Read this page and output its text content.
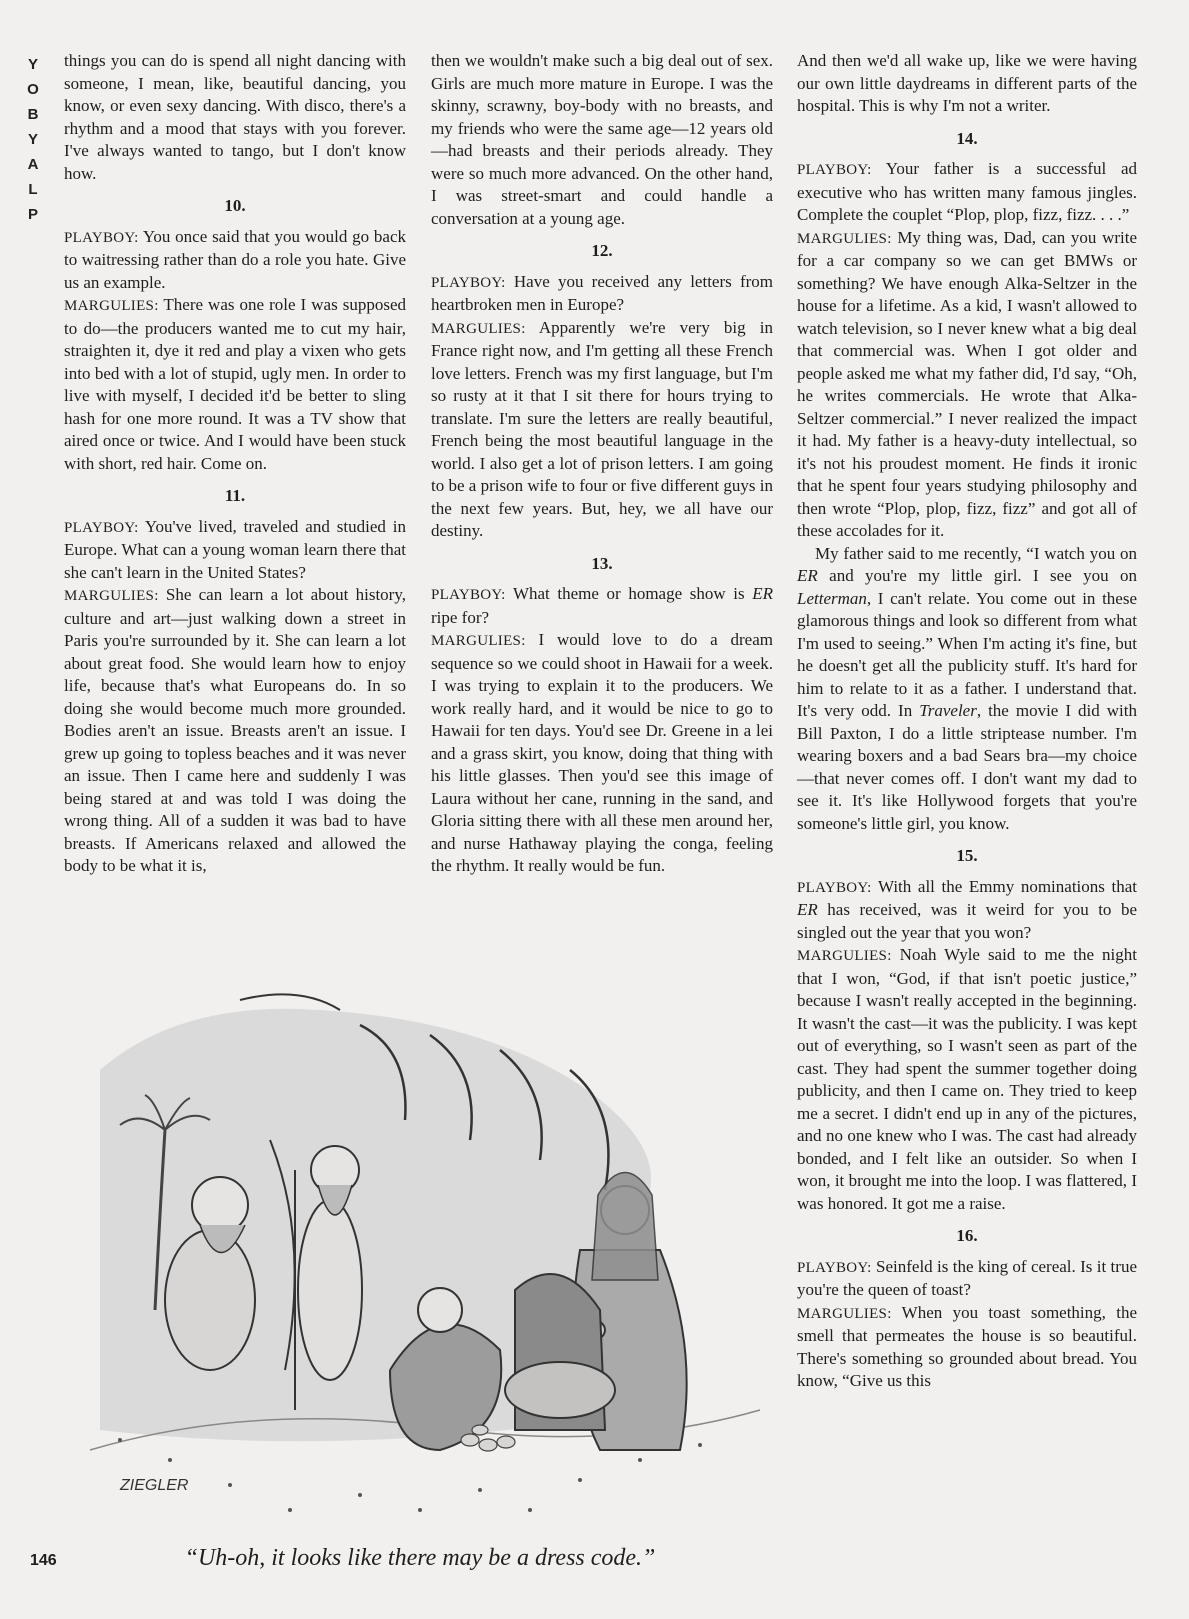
Y
O
B
Y
A
L
P

things you can do is spend all night dancing with someone, I mean, like, beautiful dancing, you know, or even sexy dancing. With disco, there's a rhythm and a mood that stays with you forever. I've always wanted to tango, but I don't know how.

10.

PLAYBOY: You once said that you would go back to waitressing rather than do a role you hate. Give us an example.

MARGULIES: There was one role I was supposed to do—the producers wanted me to cut my hair, straighten it, dye it red and play a vixen who gets into bed with a lot of stupid, ugly men. In order to live with myself, I decided it'd be better to sling hash for one more round. It was a TV show that aired once or twice. And I would have been stuck with short, red hair. Come on.

11.

PLAYBOY: You've lived, traveled and studied in Europe. What can a young woman learn there that she can't learn in the United States?

MARGULIES: She can learn a lot about history, culture and art—just walking down a street in Paris you're surrounded by it. She can learn a lot about great food. She would learn how to enjoy life, because that's what Europeans do. In so doing she would become much more grounded. Bodies aren't an issue. Breasts aren't an issue. I grew up going to topless beaches and it was never an issue. Then I came here and suddenly I was being stared at and was told I was doing the wrong thing. All of a sudden it was bad to have breasts. If Americans relaxed and allowed the body to be what it is,

then we wouldn't make such a big deal out of sex. Girls are much more mature in Europe. I was the skinny, scrawny, boy-body with no breasts, and my friends who were the same age—12 years old—had breasts and their periods already. They were so much more advanced. On the other hand, I was street-smart and could handle a conversation at a young age.

12.

PLAYBOY: Have you received any letters from heartbroken men in Europe?

MARGULIES: Apparently we're very big in France right now, and I'm getting all these French love letters. French was my first language, but I'm so rusty at it that I sit there for hours trying to translate. I'm sure the letters are really beautiful, French being the most beautiful language in the world. I also get a lot of prison letters. I am going to be a prison wife to four or five different guys in the next few years. But, hey, we all have our destiny.

13.

PLAYBOY: What theme or homage show is ER ripe for?

MARGULIES: I would love to do a dream sequence so we could shoot in Hawaii for a week. I was trying to explain it to the producers. We work really hard, and it would be nice to go to Hawaii for ten days. You'd see Dr. Greene in a lei and a grass skirt, you know, doing that thing with his little glasses. Then you'd see this image of Laura without her cane, running in the sand, and Gloria sitting there with all these men around her, and nurse Hathaway playing the conga, feeling the rhythm. It really would be fun.

And then we'd all wake up, like we were having our own little daydreams in different parts of the hospital. This is why I'm not a writer.

14.

PLAYBOY: Your father is a successful ad executive who has written many famous jingles. Complete the couplet “Plop, plop, fizz, fizz. . . .”

MARGULIES: My thing was, Dad, can you write for a car company so we can get BMWs or something? We have enough Alka-Seltzer in the house for a lifetime. As a kid, I wasn't allowed to watch television, so I never knew what a big deal that commercial was. When I got older and people asked me what my father did, I'd say, “Oh, he writes commercials. He wrote that Alka-Seltzer commercial.” I never realized the impact it had. My father is a heavy-duty intellectual, so it's not his proudest moment. He finds it ironic that he spent four years studying philosophy and then wrote “Plop, plop, fizz, fizz” and got all of these accolades for it.

My father said to me recently, “I watch you on ER and you're my little girl. I see you on Letterman, I can't relate. You come out in these glamorous things and look so different from what I'm used to seeing.” When I'm acting it's fine, but he doesn't get all the publicity stuff. It's hard for him to relate to it as a father. I understand that. It's very odd. In Traveler, the movie I did with Bill Paxton, I do a little striptease number. I'm wearing boxers and a bad Sears bra—my choice—that never comes off. I don't want my dad to see it. It's like Hollywood forgets that you're someone's little girl, you know.

15.

PLAYBOY: With all the Emmy nominations that ER has received, was it weird for you to be singled out the year that you won?

MARGULIES: Noah Wyle said to me the night that I won, “God, if that isn't poetic justice,” because I wasn't really accepted in the beginning. It wasn't the cast—it was the publicity. I was kept out of everything, so I wasn't seen as part of the cast. They had spent the summer together doing publicity, and then I came on. They tried to keep me a secret. I didn't end up in any of the pictures, and no one knew who I was. The cast had already bonded, and I felt like an outsider. So when I won, it brought me into the loop. I was flattered, I was honored. It got me a raise.

16.

PLAYBOY: Seinfeld is the king of cereal. Is it true you're the queen of toast?

MARGULIES: When you toast something, the smell that permeates the house is so beautiful. There's something so grounded about bread. You know, “Give us this

ZIEGLER
“Uh-oh, it looks like there may be a dress code.”
146
